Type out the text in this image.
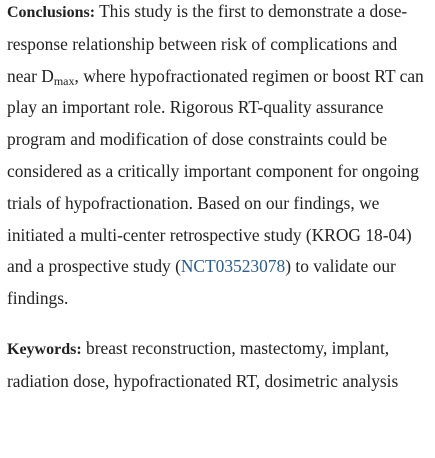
Conclusions: This study is the first to demonstrate a dose-response relationship between risk of complications and near $D_{max}$, where hypofractionated regimen or boost RT can play an important role. Rigorous RT-quality assurance program and modification of dose constraints could be considered as a critically important component for ongoing trials of hypofractionation. Based on our findings, we initiated a multi-center retrospective study (KROG 18-04) and a prospective study (NCT03523078) to validate our findings.

Keywords: breast reconstruction, mastectomy, implant, radiation dose, hypofractionated RT, dosimetric analysis
